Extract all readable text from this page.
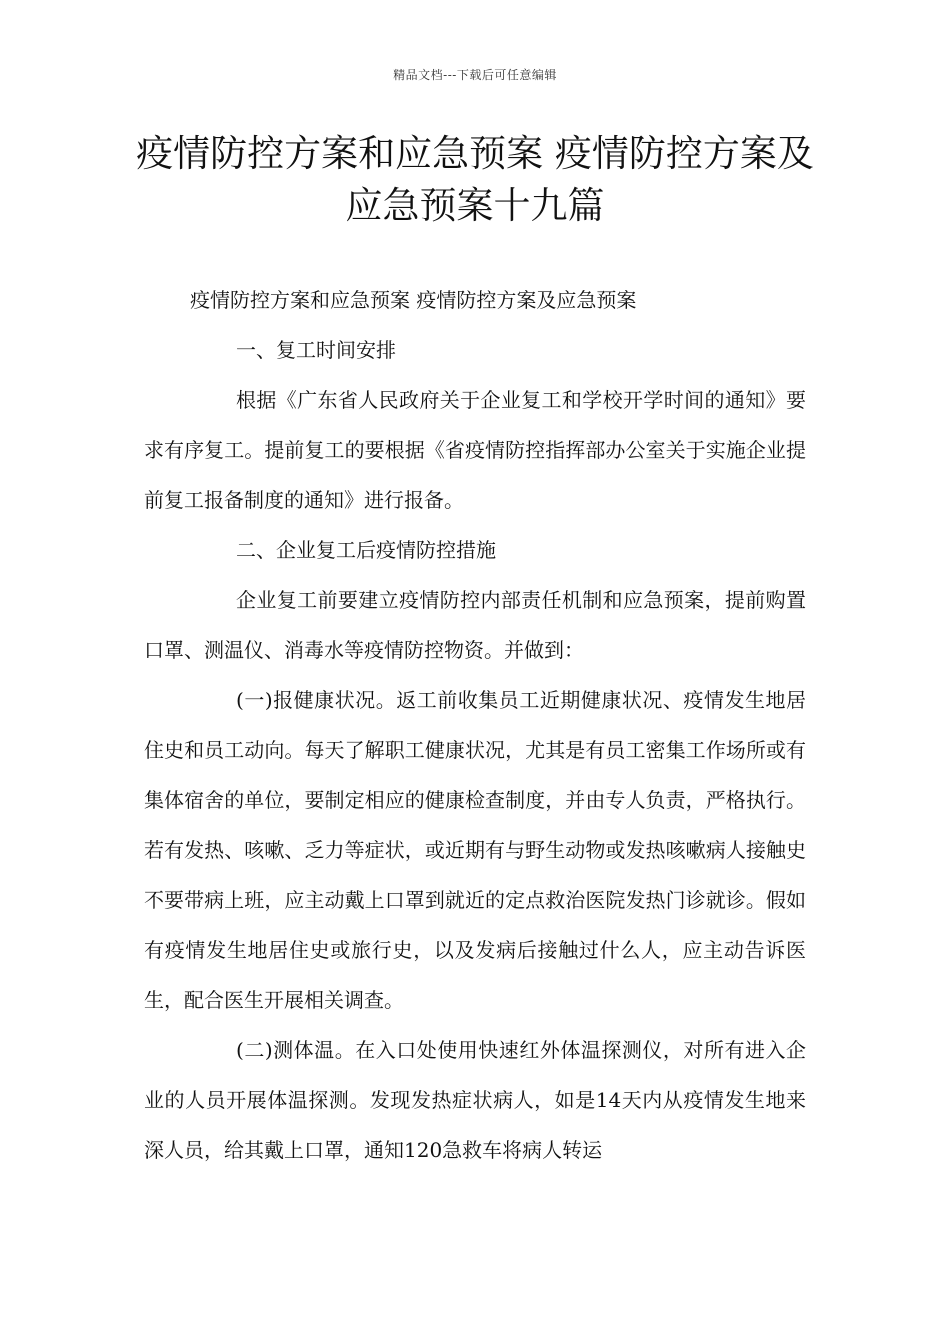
精品文档---下载后可任意编辑
疫情防控方案和应急预案 疫情防控方案及应急预案十九篇

疫情防控方案和应急预案 疫情防控方案及应急预案

一、复工时间安排

根据《广东省人民政府关于企业复工和学校开学时间的通知》要求有序复工。提前复工的要根据《省疫情防控指挥部办公室关于实施企业提前复工报备制度的通知》进行报备。

二、企业复工后疫情防控措施

企业复工前要建立疫情防控内部责任机制和应急预案，提前购置口罩、测温仪、消毒水等疫情防控物资。并做到：

(一)报健康状况。返工前收集员工近期健康状况、疫情发生地居住史和员工动向。每天了解职工健康状况，尤其是有员工密集工作场所或有集体宿舍的单位，要制定相应的健康检查制度，并由专人负责，严格执行。若有发热、咳嗽、乏力等症状，或近期有与野生动物或发热咳嗽病人接触史不要带病上班，应主动戴上口罩到就近的定点救治医院发热门诊就诊。假如有疫情发生地居住史或旅行史，以及发病后接触过什么人，应主动告诉医生，配合医生开展相关调查。

(二)测体温。在入口处使用快速红外体温探测仪，对所有进入企业的人员开展体温探测。发现发热症状病人，如是14天内从疫情发生地来深人员，给其戴上口罩，通知120急救车将病人转运
